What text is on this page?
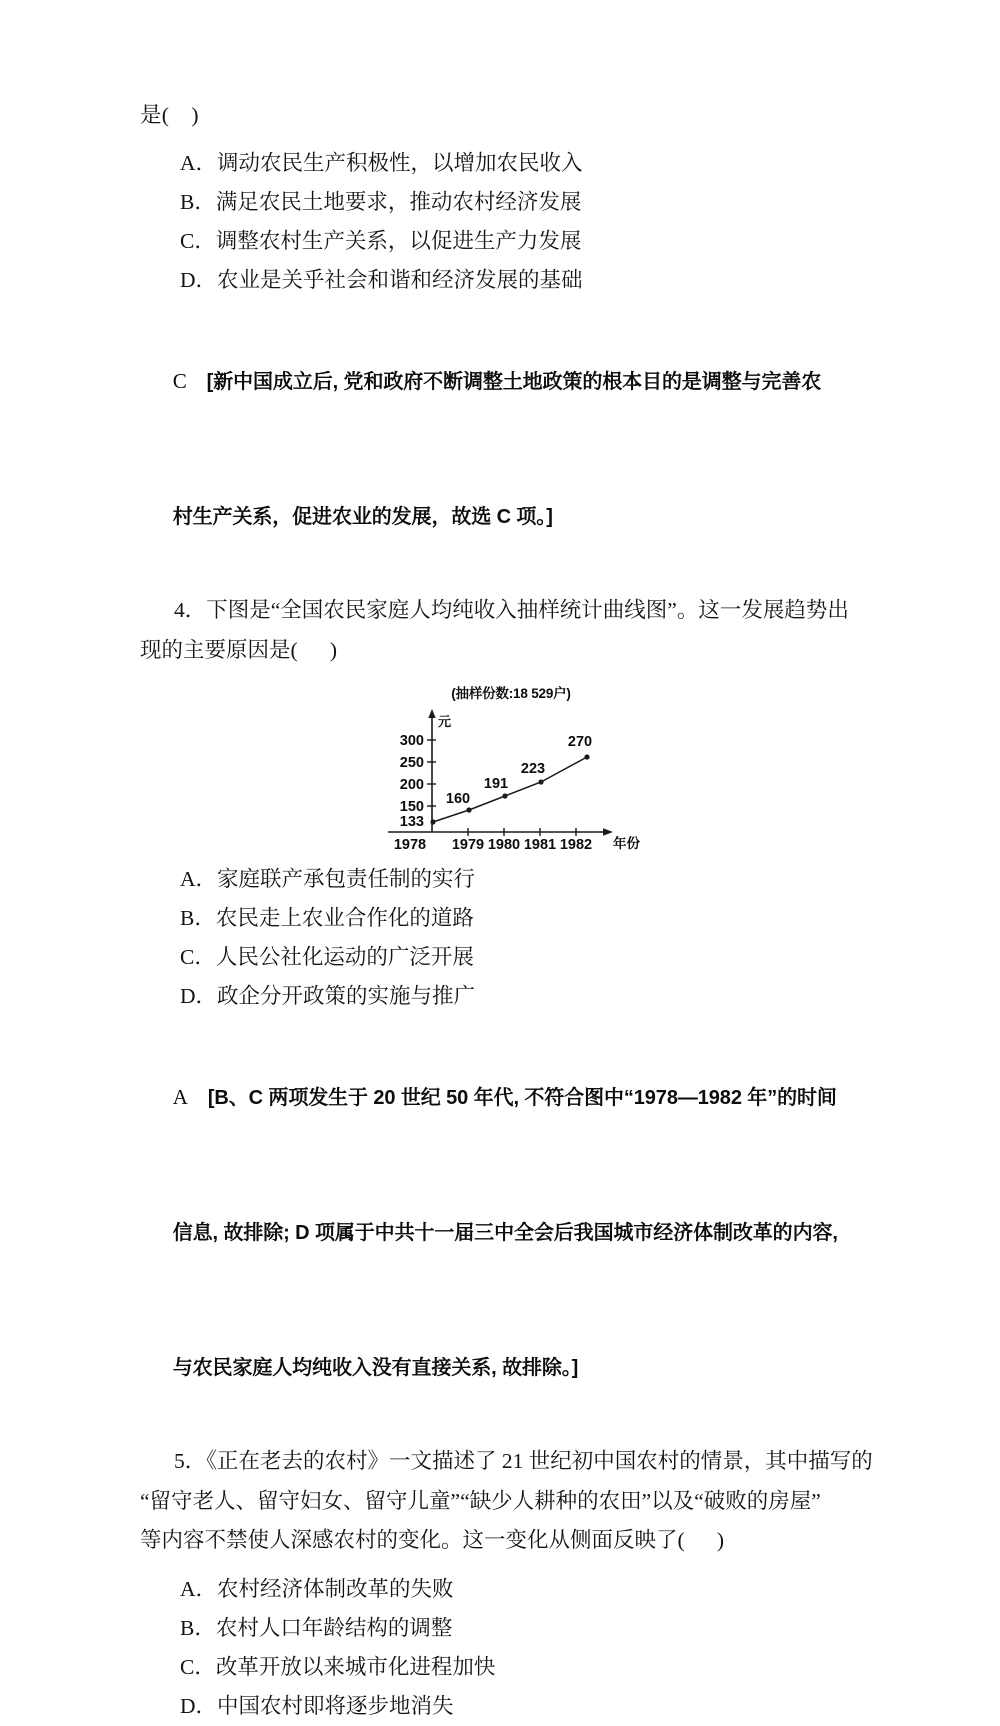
是(    )
A．调动农民生产积极性，以增加农民收入
B．满足农民土地要求，推动农村经济发展
C．调整农村生产关系，以促进生产力发展
D．农业是关乎社会和谐和经济发展的基础

C [新中国成立后, 党和政府不断调整土地政策的根本目的是调整与完善农

村生产关系，促进农业的发展，故选 C 项。]

4．下图是“全国农民家庭人均纯收入抽样统计曲线图”。这一发展趋势出
现的主要原因是(      )
(抽样份数:18 529户)
元
300
250
200
150
133
1978 1979 1980 1981 1982 年份
160
191
223
270
A．家庭联产承包责任制的实行
B．农民走上农业合作化的道路
C．人民公社化运动的广泛开展
D．政企分开政策的实施与推广

A [B、C 两项发生于 20 世纪 50 年代, 不符合图中“1978—1982 年”的时间

信息, 故排除; D 项属于中共十一届三中全会后我国城市经济体制改革的内容,

与农民家庭人均纯收入没有直接关系, 故排除。]

5．《正在老去的农村》一文描述了 21 世纪初中国农村的情景，其中描写的
“留守老人、留守妇女、留守儿童”“缺少人耕种的农田”以及“破败的房屋”
等内容不禁使人深感农村的变化。这一变化从侧面反映了(      )
A．农村经济体制改革的失败
B．农村人口年龄结构的调整
C．改革开放以来城市化进程加快
D．中国农村即将逐步地消失
